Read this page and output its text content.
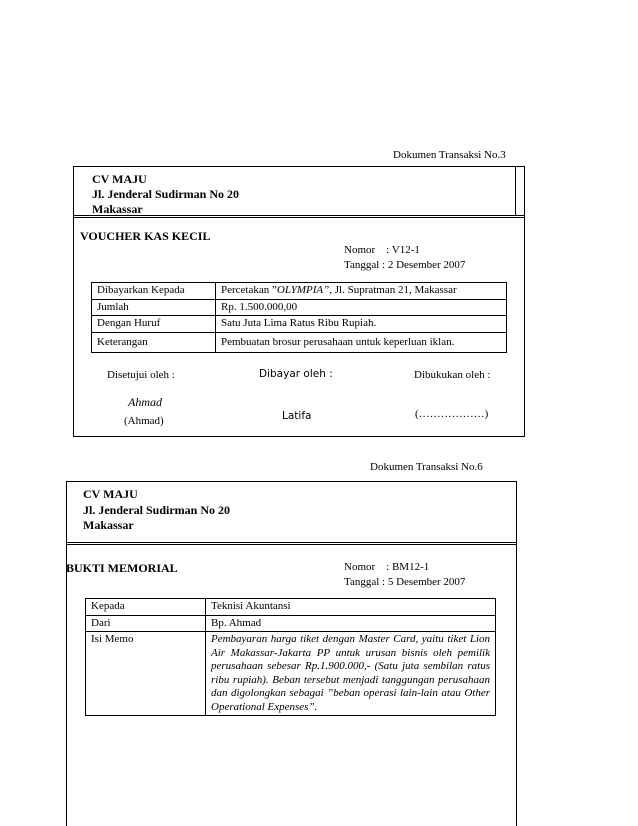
Dokumen Transaksi No.3
CV MAJU
Jl. Jenderal Sudirman No 20
Makassar
VOUCHER KAS KECIL
Nomor    : V12-1
Tanggal : 2 Desember 2007
Dibayarkan Kepada	Percetakan ”OLYMPIA”, Jl. Supratman 21, Makassar
Jumlah	Rp. 1.500.000,00
Dengan Huruf	Satu Juta Lima Ratus Ribu Rupiah.
Keterangan	Pembuatan brosur perusahaan untuk keperluan iklan.
Disetujui oleh :	Dibayar oleh :	Dibukukan oleh :
Ahmad
(Ahmad)	Latifa	(………………)
Dokumen Transaksi No.6
CV MAJU
Jl. Jenderal Sudirman No 20
Makassar
BUKTI MEMORIAL	Nomor    : BM12-1
Tanggal : 5 Desember 2007
Kepada	Teknisi Akuntansi
Dari	Bp. Ahmad
Isi Memo	Pembayaran harga tiket dengan Master Card, yaitu tiket Lion Air Makassar-Jakarta PP untuk urusan bisnis oleh pemilik perusahaan sebesar Rp.1.900.000,- (Satu juta sembilan ratus ribu rupiah). Beban tersebut menjadi tanggungan perusahaan dan digolongkan sebagai ”beban operasi lain-lain atau Other Operational Expenses”.
